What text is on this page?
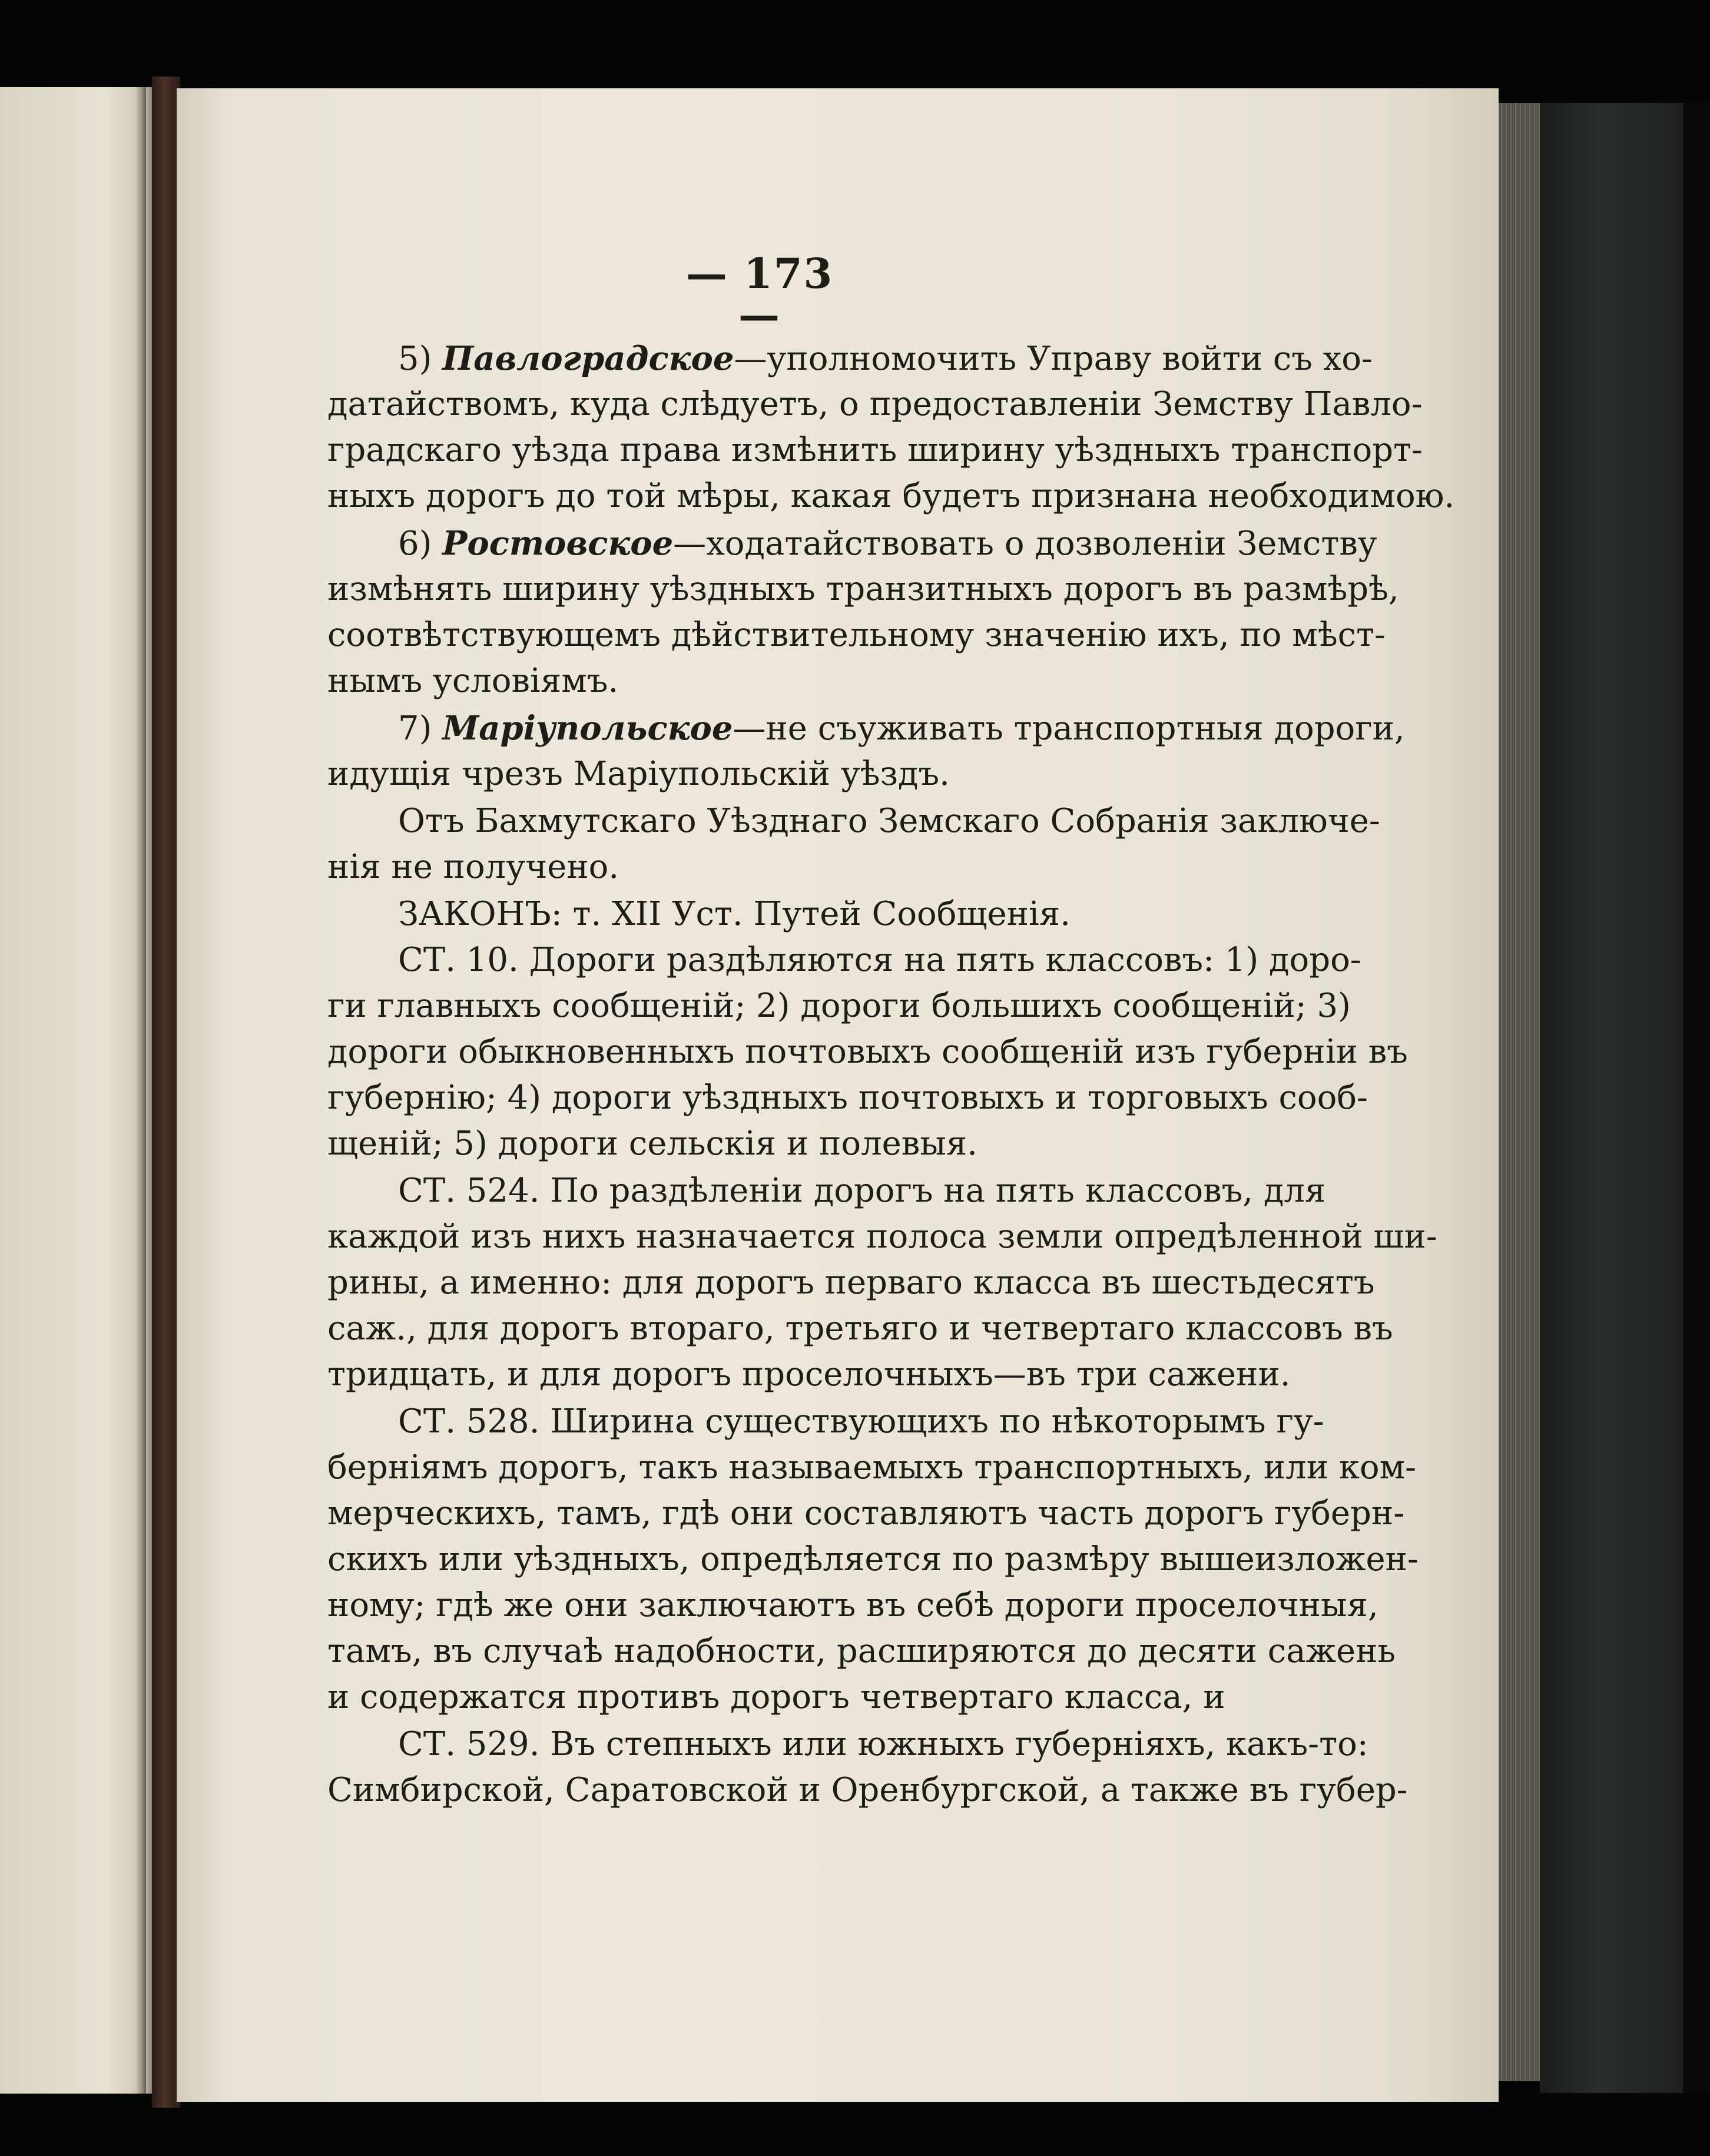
— 173 —
5) Павлоградское—уполномочить Управу войти съ хо-
датайствомъ, куда слѣдуетъ, о предоставленіи Земству Павло-
градскаго уѣзда права измѣнить ширину уѣздныхъ транспорт-
ныхъ дорогъ до той мѣры, какая будетъ признана необходимою.
6) Ростовское—ходатайствовать о дозволеніи Земству
измѣнять ширину уѣздныхъ транзитныхъ дорогъ въ размѣрѣ,
соотвѣтствующемъ дѣйствительному значенію ихъ, по мѣст-
нымъ условіямъ.
7) Маріупольское—не съуживать транспортныя дороги,
идущія чрезъ Маріупольскій уѣздъ.
Отъ Бахмутскаго Уѣзднаго Земскаго Собранія заключе-
нія не получено.
ЗАКОНЪ: т. XII Уст. Путей Сообщенія.
СТ. 10. Дороги раздѣляются на пять классовъ: 1) доро-
ги главныхъ сообщеній; 2) дороги большихъ сообщеній; 3)
дороги обыкновенныхъ почтовыхъ сообщеній изъ губерніи въ
губернію; 4) дороги уѣздныхъ почтовыхъ и торговыхъ сооб-
щеній; 5) дороги сельскія и полевыя.
СТ. 524. По раздѣленіи дорогъ на пять классовъ, для
каждой изъ нихъ назначается полоса земли опредѣленной ши-
рины, а именно: для дорогъ перваго класса въ шестьдесятъ
саж., для дорогъ втораго, третьяго и четвертаго классовъ въ
тридцать, и для дорогъ проселочныхъ—въ три сажени.
СТ. 528. Ширина существующихъ по нѣкоторымъ гу-
берніямъ дорогъ, такъ называемыхъ транспортныхъ, или ком-
мерческихъ, тамъ, гдѣ они составляютъ часть дорогъ губерн-
скихъ или уѣздныхъ, опредѣляется по размѣру вышеизложен-
ному; гдѣ же они заключаютъ въ себѣ дороги проселочныя,
тамъ, въ случаѣ надобности, расширяются до десяти сажень
и содержатся противъ дорогъ четвертаго класса, и
СТ. 529. Въ степныхъ или южныхъ губерніяхъ, какъ-то:
Симбирской, Саратовской и Оренбургской, а также въ губер-
